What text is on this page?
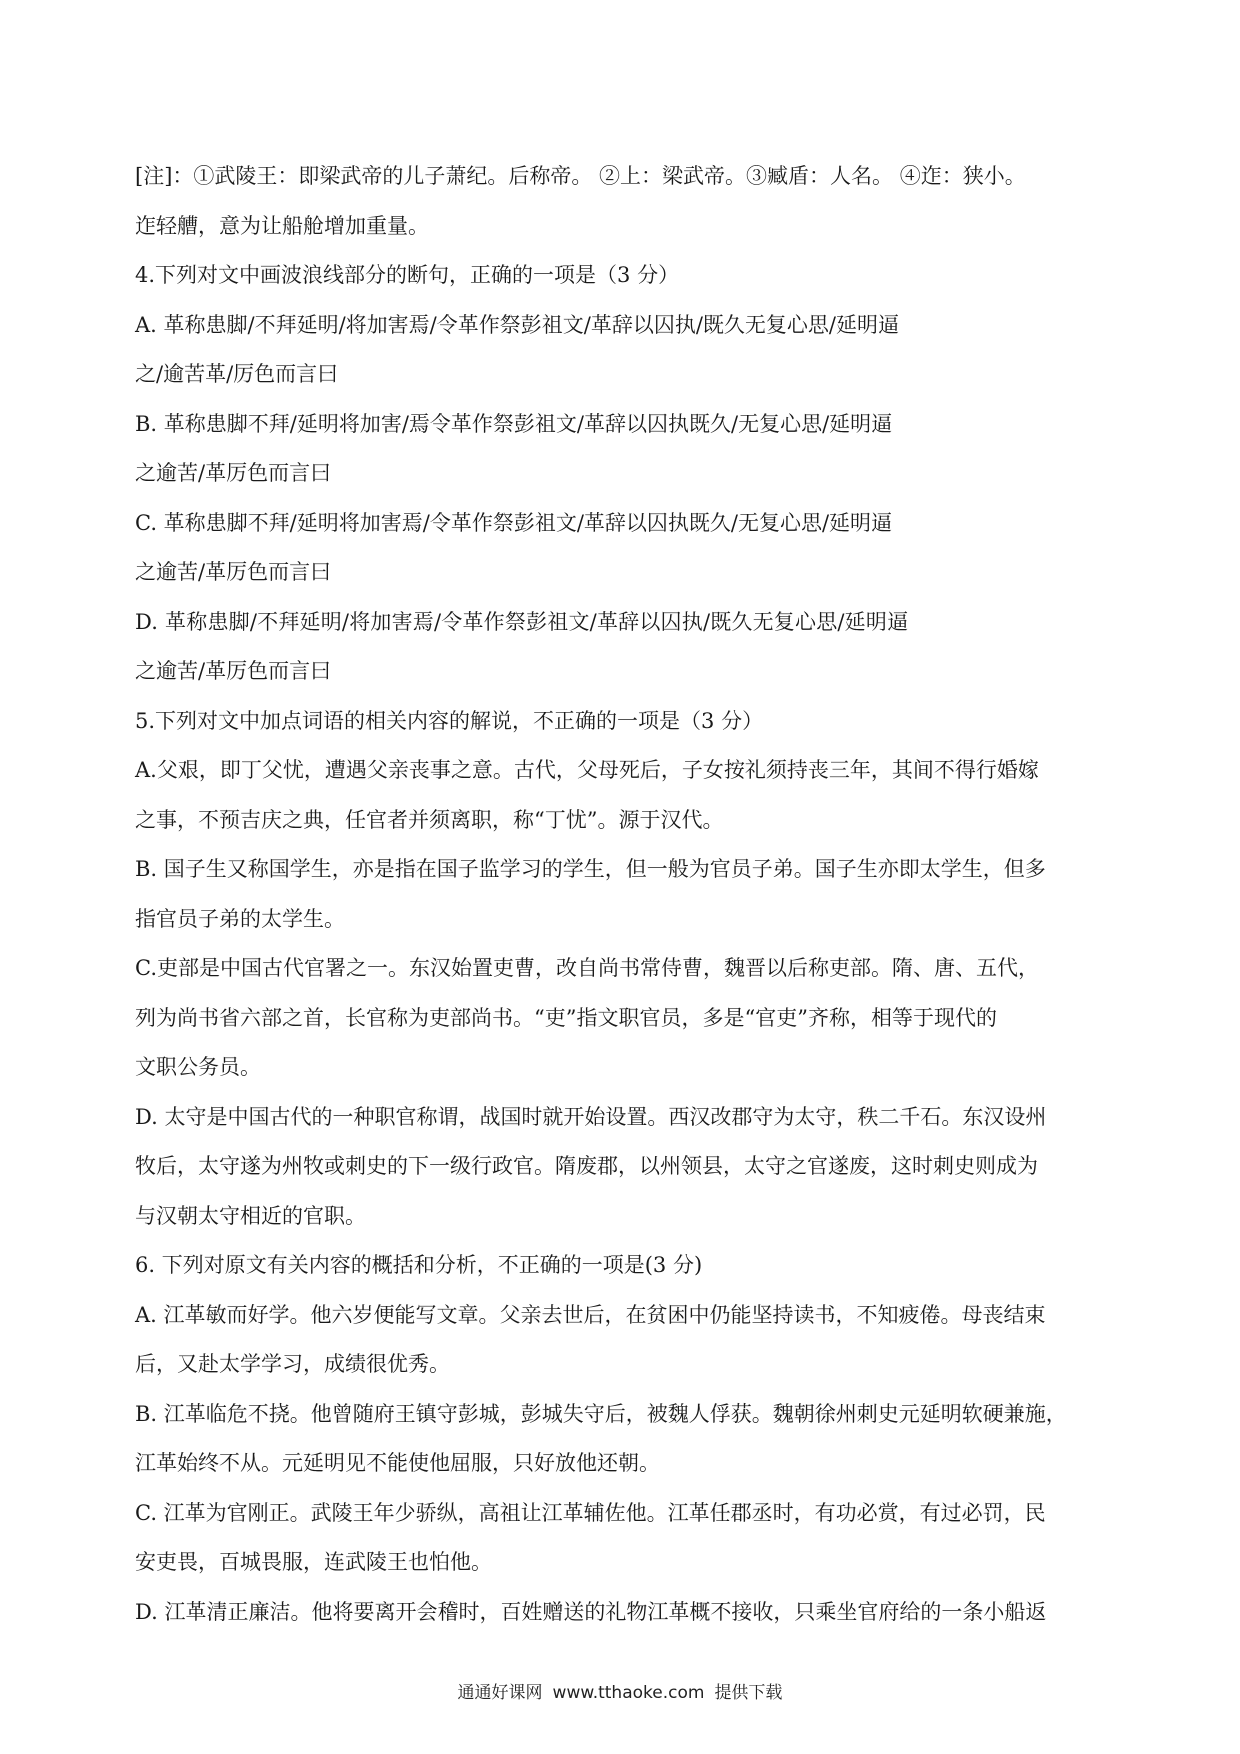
[注]：①武陵王：即梁武帝的儿子萧纪。后称帝。 ②上：梁武帝。③臧盾：人名。 ④迮：狭小。
迮轻艚，意为让船舱增加重量。
4.下列对文中画波浪线部分的断句，正确的一项是（3 分）
A. 革称患脚/不拜延明/将加害焉/令革作祭彭祖文/革辞以囚执/既久无复心思/延明逼
之/逾苦革/厉色而言曰
B. 革称患脚不拜/延明将加害/焉令革作祭彭祖文/革辞以囚执既久/无复心思/延明逼
之逾苦/革厉色而言曰
C. 革称患脚不拜/延明将加害焉/令革作祭彭祖文/革辞以囚执既久/无复心思/延明逼
之逾苦/革厉色而言曰
D. 革称患脚/不拜延明/将加害焉/令革作祭彭祖文/革辞以囚执/既久无复心思/延明逼
之逾苦/革厉色而言曰
5.下列对文中加点词语的相关内容的解说，不正确的一项是（3 分）
A.父艰，即丁父忧，遭遇父亲丧事之意。古代，父母死后，子女按礼须持丧三年，其间不得行婚嫁
之事，不预吉庆之典，任官者并须离职，称“丁忧”。源于汉代。
B. 国子生又称国学生，亦是指在国子监学习的学生，但一般为官员子弟。国子生亦即太学生，但多
指官员子弟的太学生。
C.吏部是中国古代官署之一。东汉始置吏曹，改自尚书常侍曹，魏晋以后称吏部。隋、唐、五代，
列为尚书省六部之首，长官称为吏部尚书。“吏”指文职官员，多是“官吏”齐称，相等于现代的
文职公务员。
D. 太守是中国古代的一种职官称谓，战国时就开始设置。西汉改郡守为太守，秩二千石。东汉设州
牧后，太守遂为州牧或刺史的下一级行政官。隋废郡，以州领县，太守之官遂废，这时刺史则成为
与汉朝太守相近的官职。
6. 下列对原文有关内容的概括和分析，不正确的一项是(3 分)
A. 江革敏而好学。他六岁便能写文章。父亲去世后，在贫困中仍能坚持读书，不知疲倦。母丧结束
后，又赴太学学习，成绩很优秀。
B. 江革临危不挠。他曾随府王镇守彭城，彭城失守后，被魏人俘获。魏朝徐州刺史元延明软硬兼施，
江革始终不从。元延明见不能使他屈服，只好放他还朝。
C. 江革为官刚正。武陵王年少骄纵，高祖让江革辅佐他。江革任郡丞时，有功必赏，有过必罚，民
安吏畏，百城畏服，连武陵王也怕他。
D. 江革清正廉洁。他将要离开会稽时，百姓赠送的礼物江革概不接收，只乘坐官府给的一条小船返
通通好课网 www.tthaoke.com 提供下载
